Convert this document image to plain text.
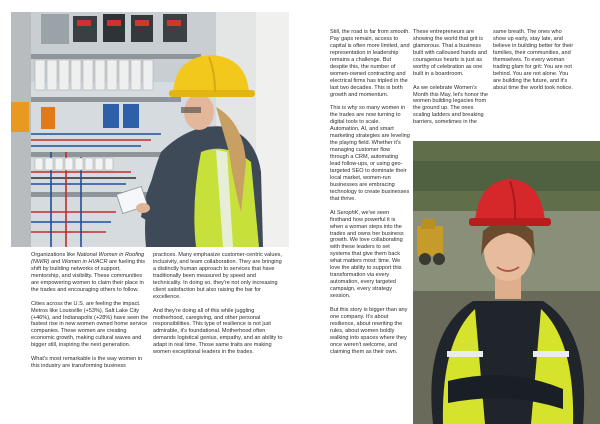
Organizations like National Women in Roofing (NWIR) and Women in HVACR are fueling this shift by building networks of support, mentorship, and visibility. These communities are empowering women to claim their place in the trades and encouraging others to follow.

Cities across the U.S. are feeling the impact. Metros like Louisville (+53%), Salt Lake City (+46%), and Indianapolis (+28%) have seen the fastest rise in new women owned home service companies. These women are creating economic growth, making cultural waves and bigger still, inspiring the next generation.

What's most remarkable is the way women in this industry are transforming business

practices. Many emphasize customer-centric values, inclusivity, and team collaboration. They are bringing a distinctly human approach to services that have traditionally been measured by speed and technicality. In doing so, they're not only increasing client satisfaction but also raising the bar for excellence.

And they're doing all of this while juggling motherhood, caregiving, and other personal responsibilities. This type of resilience is not just admirable, it's foundational. Motherhood often demands logistical genius, empathy, and an ability to adapt in real time. Those same traits are making women exceptional leaders in the trades.

Still, the road is far from smooth. Pay gaps remain, access to capital is often more limited, and representation in leadership remains a challenge. But despite this, the number of women-owned contracting and electrical firms has tripled in the last two decades. This is both growth and momentum.

This is why so many women in the trades are now turning to digital tools to scale. Automation, AI, and smart marketing strategies are leveling the playing field. Whether it's managing customer flow through a CRM, automating lead follow-ups, or using geo-targeted SEO to dominate their local market, women-run businesses are embracing technology to create businesses that thrive.

At SerophK, we've seen firsthand how powerful it is when a woman steps into the trades and owns her business growth. We love collaborating with these leaders to set systems that give them back what matters most: time. We love the ability to support this transformation via every automation, every targeted campaign, every strategy session.

But this story is bigger than any one company. It's about resilience, about rewriting the rules, about women boldly walking into spaces where they once weren't welcome, and claiming them as their own.

These entrepreneurs are showing the world that grit is glamorous. That a business built with calloused hands and courageous hearts is just as worthy of celebration as one built in a boardroom.

As we celebrate Women's Month this May, let's honor the women building legacies from the ground up. The ones scaling ladders and breaking barriers, sometimes in the

same breath. The ones who show up early, stay late, and believe in building better for their families, their communities, and themselves. To every woman trading glam for grit: You are not behind. You are not alone. You are building the future, and it's about time the world took notice.
